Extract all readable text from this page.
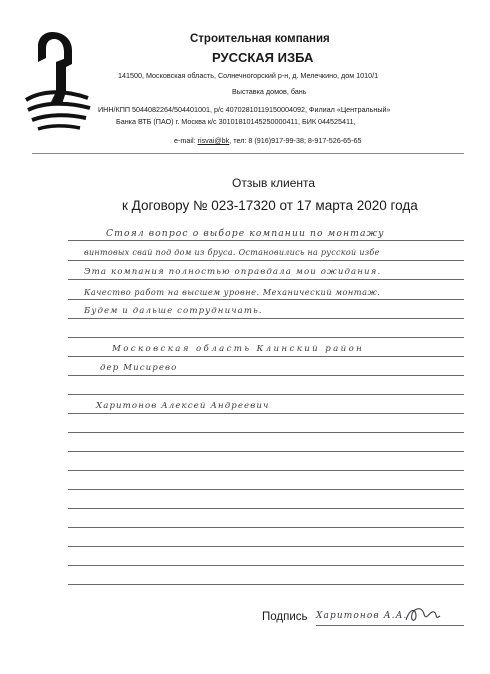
Строительная компания
РУССКАЯ ИЗБА
141500, Московская область, Солнечногорский р-н, д. Мелечкино, дом 1010/1
Выставка домов, бань
ИНН/КПП 5044082264/504401001, р/с 40702810119150004092, Филиал «Центральный»
Банка ВТБ (ПАО) г. Москва к/с 30101810145250000411, БИК 044525411,
e-mail: risvai@bk, тел: 8 (916)917-99-38; 8-917-526-65-65
Отзыв клиента
к Договору № 023-17320 от 17 марта 2020 года
Стоял вопрос о выборе компании по монтажу
винтовых свай под дом из бруса. Остановились на русской избе
Эта компания полностью оправдала мои ожидания.
Качество работ на высшем уровне. Механический монтаж.
Будем и дальше сотрудничать.
Московская область Клинский район
дер Мисирево
Харитонов Алексей Андреевич
Подпись Харитонов А.А.
